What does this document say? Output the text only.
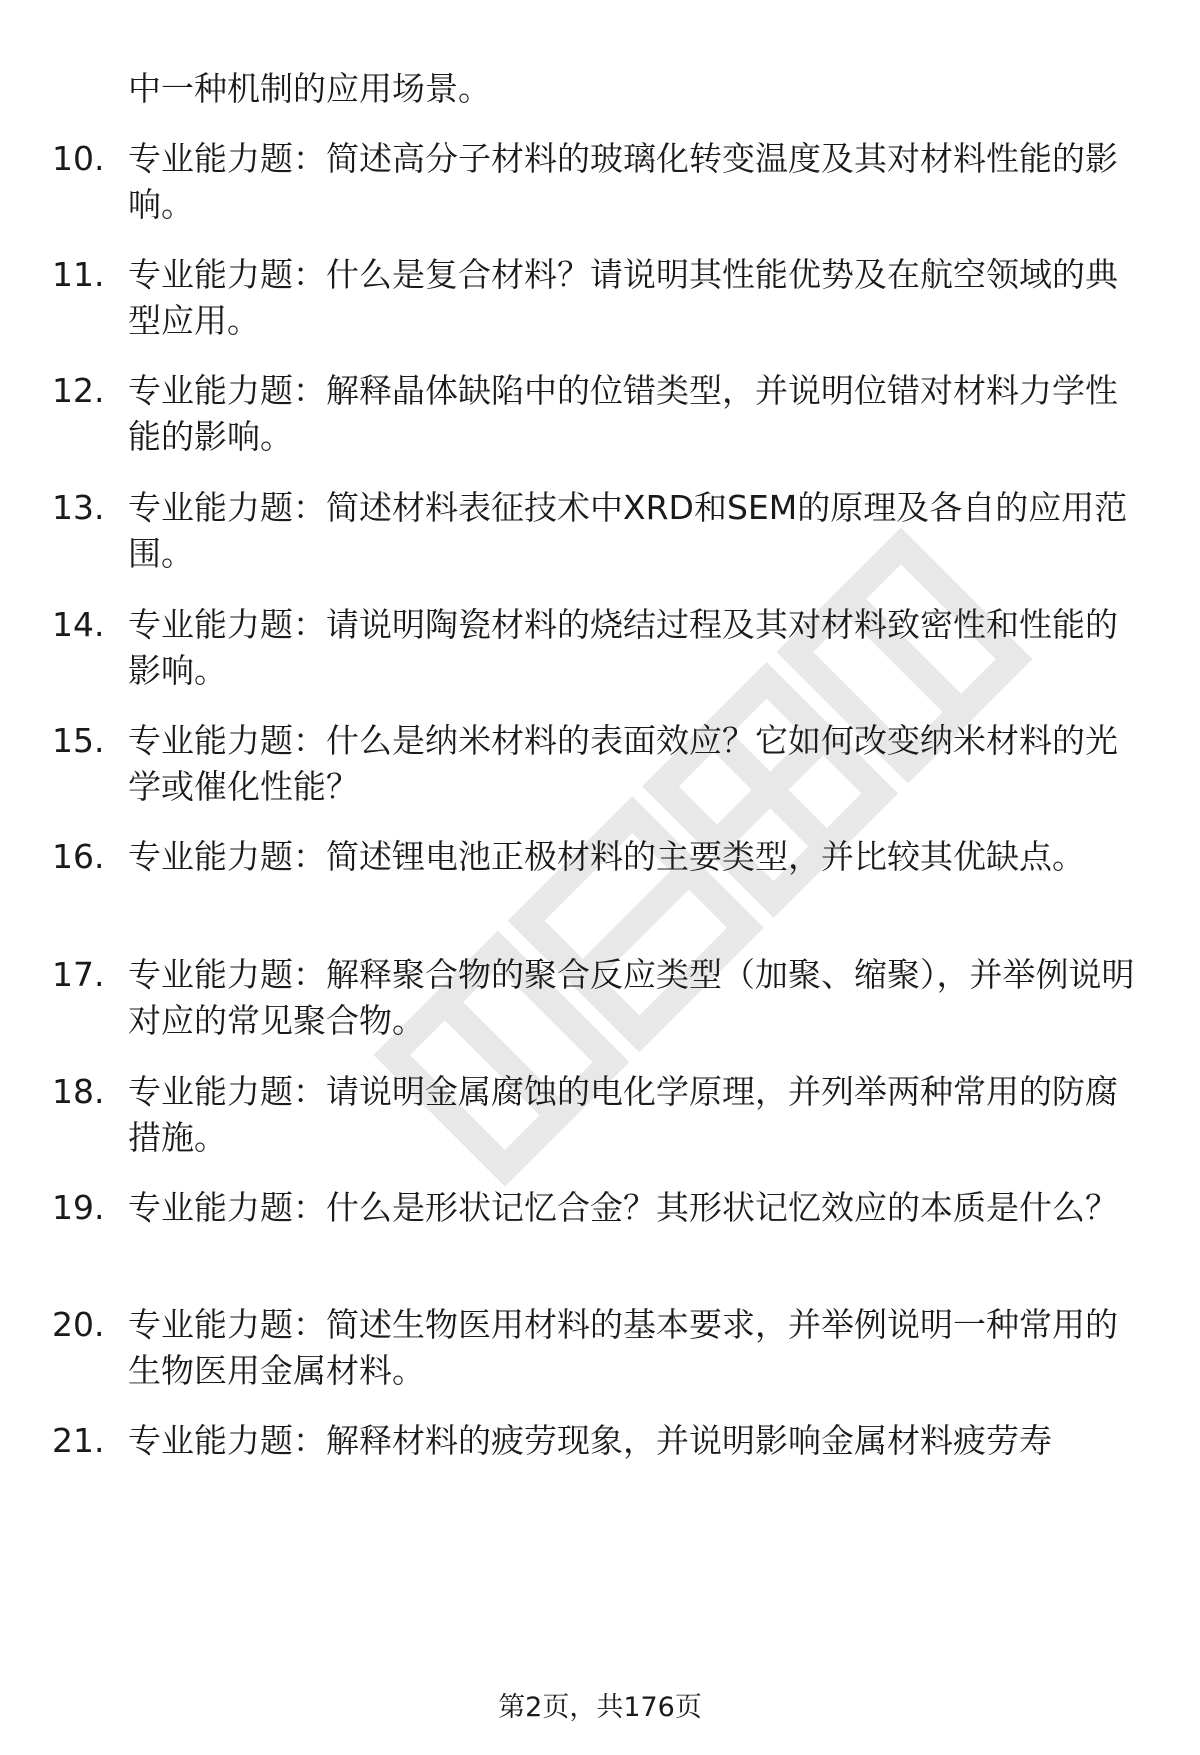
中一种机制的应用场景。

10. 专业能力题：简述高分子材料的玻璃化转变温度及其对材料性能的影响。

11. 专业能力题：什么是复合材料？请说明其性能优势及在航空领域的典型应用。

12. 专业能力题：解释晶体缺陷中的位错类型，并说明位错对材料力学性能的影响。

13. 专业能力题：简述材料表征技术中XRD和SEM的原理及各自的应用范围。

14. 专业能力题：请说明陶瓷材料的烧结过程及其对材料致密性和性能的影响。

15. 专业能力题：什么是纳米材料的表面效应？它如何改变纳米材料的光学或催化性能？

16. 专业能力题：简述锂电池正极材料的主要类型，并比较其优缺点。

17. 专业能力题：解释聚合物的聚合反应类型（加聚、缩聚），并举例说明对应的常见聚合物。

18. 专业能力题：请说明金属腐蚀的电化学原理，并列举两种常用的防腐措施。

19. 专业能力题：什么是形状记忆合金？其形状记忆效应的本质是什么？

20. 专业能力题：简述生物医用材料的基本要求，并举例说明一种常用的生物医用金属材料。

21. 专业能力题：解释材料的疲劳现象，并说明影响金属材料疲劳寿

第2页，共176页
